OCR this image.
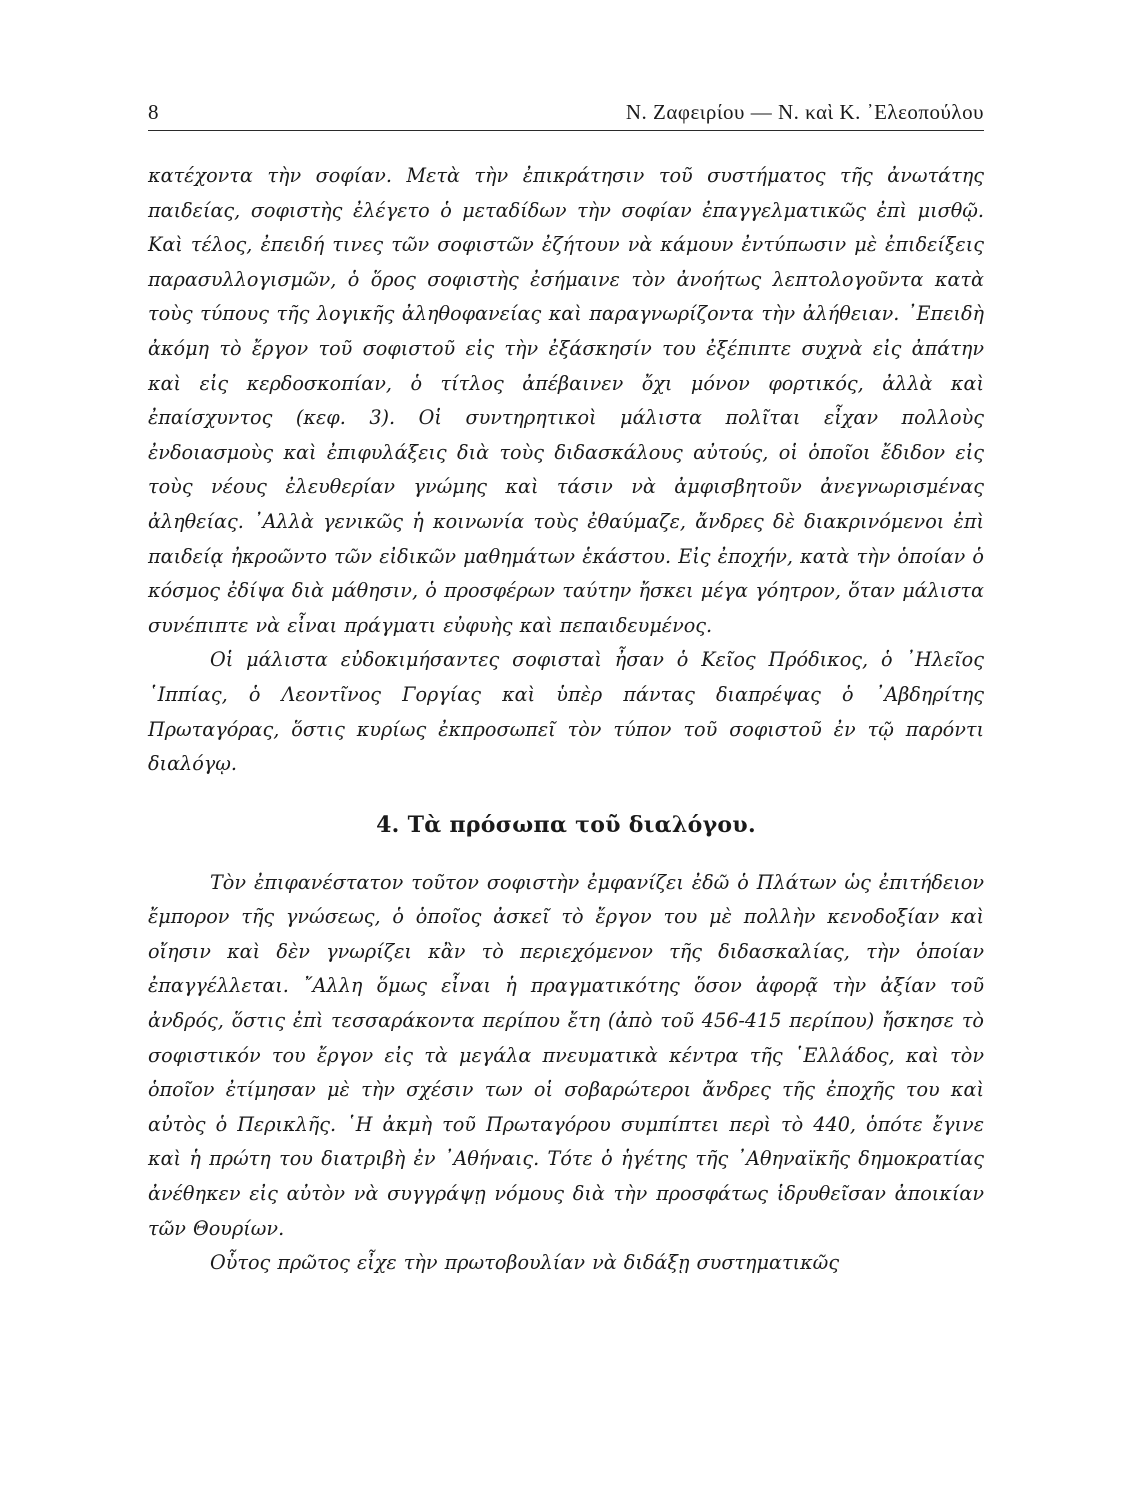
8	Ν. Ζαφειρίου — Ν. καὶ Κ. ᾿Ελεοπούλου

κατέχοντα τὴν σοφίαν. Μετὰ τὴν ἐπικράτησιν τοῦ συστήματος τῆς ἀνωτάτης παιδείας, σοφιστὴς ἐλέγετο ὁ μεταδίδων τὴν σοφίαν ἐπαγγελματικῶς ἐπὶ μισθῷ. Καὶ τέλος, ἐπειδή τινες τῶν σοφιστῶν ἐζήτουν νὰ κάμουν ἐντύπωσιν μὲ ἐπιδείξεις παρασυλλογισμῶν, ὁ ὅρος σοφιστὴς ἐσήμαινε τὸν ἀνοήτως λεπτολογοῦντα κατὰ τοὺς τύπους τῆς λογικῆς ἀληθοφανείας καὶ παραγνωρίζοντα τὴν ἀλήθειαν. ᾿Επειδὴ ἀκόμη τὸ ἔργον τοῦ σοφιστοῦ εἰς τὴν ἐξάσκησίν του ἐξέπιπτε συχνὰ εἰς ἀπάτην καὶ εἰς κερδοσκοπίαν, ὁ τίτλος ἀπέβαινεν ὄχι μόνον φορτικός, ἀλλὰ καὶ ἐπαίσχυντος (κεφ. 3). Οἱ συντηρητικοὶ μάλιστα πολῖται εἶχαν πολλοὺς ἐνδοιασμοὺς καὶ ἐπιφυλάξεις διὰ τοὺς διδασκάλους αὐτούς, οἱ ὁποῖοι ἔδιδον εἰς τοὺς νέους ἐλευθερίαν γνώμης καὶ τάσιν νὰ ἀμφισβητοῦν ἀνεγνωρισμένας ἀληθείας. ᾿Αλλὰ γενικῶς ἡ κοινωνία τοὺς ἐθαύμαζε, ἄνδρες δὲ διακρινόμενοι ἐπὶ παιδείᾳ ἠκροῶντο τῶν εἰδικῶν μαθημάτων ἑκάστου. Εἰς ἐποχήν, κατὰ τὴν ὁποίαν ὁ κόσμος ἐδίψα διὰ μάθησιν, ὁ προσφέρων ταύτην ἤσκει μέγα γόητρον, ὅταν μάλιστα συνέπιπτε νὰ εἶναι πράγματι εὐφυὴς καὶ πεπαιδευμένος.

Οἱ μάλιστα εὐδοκιμήσαντες σοφισταὶ ἦσαν ὁ Κεῖος Πρόδικος, ὁ ᾿Ηλεῖος ῾Ιππίας, ὁ Λεοντῖνος Γοργίας καὶ ὑπὲρ πάντας διαπρέψας ὁ ᾿Αβδηρίτης Πρωταγόρας, ὅστις κυρίως ἐκπροσωπεῖ τὸν τύπον τοῦ σοφιστοῦ ἐν τῷ παρόντι διαλόγῳ.

4. Τὰ πρόσωπα τοῦ διαλόγου.

Τὸν ἐπιφανέστατον τοῦτον σοφιστὴν ἐμφανίζει ἐδῶ ὁ Πλάτων ὡς ἐπιτήδειον ἔμπορον τῆς γνώσεως, ὁ ὁποῖος ἀσκεῖ τὸ ἔργον του μὲ πολλὴν κενοδοξίαν καὶ οἴησιν καὶ δὲν γνωρίζει κἂν τὸ περιεχόμενον τῆς διδασκαλίας, τὴν ὁποίαν ἐπαγγέλλεται. ῎Αλλη ὅμως εἶναι ἡ πραγματικότης ὅσον ἀφορᾷ τὴν ἀξίαν τοῦ ἀνδρός, ὅστις ἐπὶ τεσσαράκοντα περίπου ἔτη (ἀπὸ τοῦ 456-415 περίπου) ἤσκησε τὸ σοφιστικόν του ἔργον εἰς τὰ μεγάλα πνευματικὰ κέντρα τῆς ῾Ελλάδος, καὶ τὸν ὁποῖον ἐτίμησαν μὲ τὴν σχέσιν των οἱ σοβαρώτεροι ἄνδρες τῆς ἐποχῆς του καὶ αὐτὸς ὁ Περικλῆς. ῾Η ἀκμὴ τοῦ Πρωταγόρου συμπίπτει περὶ τὸ 440, ὁπότε ἔγινε καὶ ἡ πρώτη του διατριβὴ ἐν ᾿Αθήναις. Τότε ὁ ἡγέτης τῆς ᾿Αθηναϊκῆς δημοκρατίας ἀνέθηκεν εἰς αὐτὸν νὰ συγγράψῃ νόμους διὰ τὴν προσφάτως ἱδρυθεῖσαν ἀποικίαν τῶν Θουρίων.

Οὗτος πρῶτος εἶχε τὴν πρωτοβουλίαν νὰ διδάξῃ συστηματικῶς
